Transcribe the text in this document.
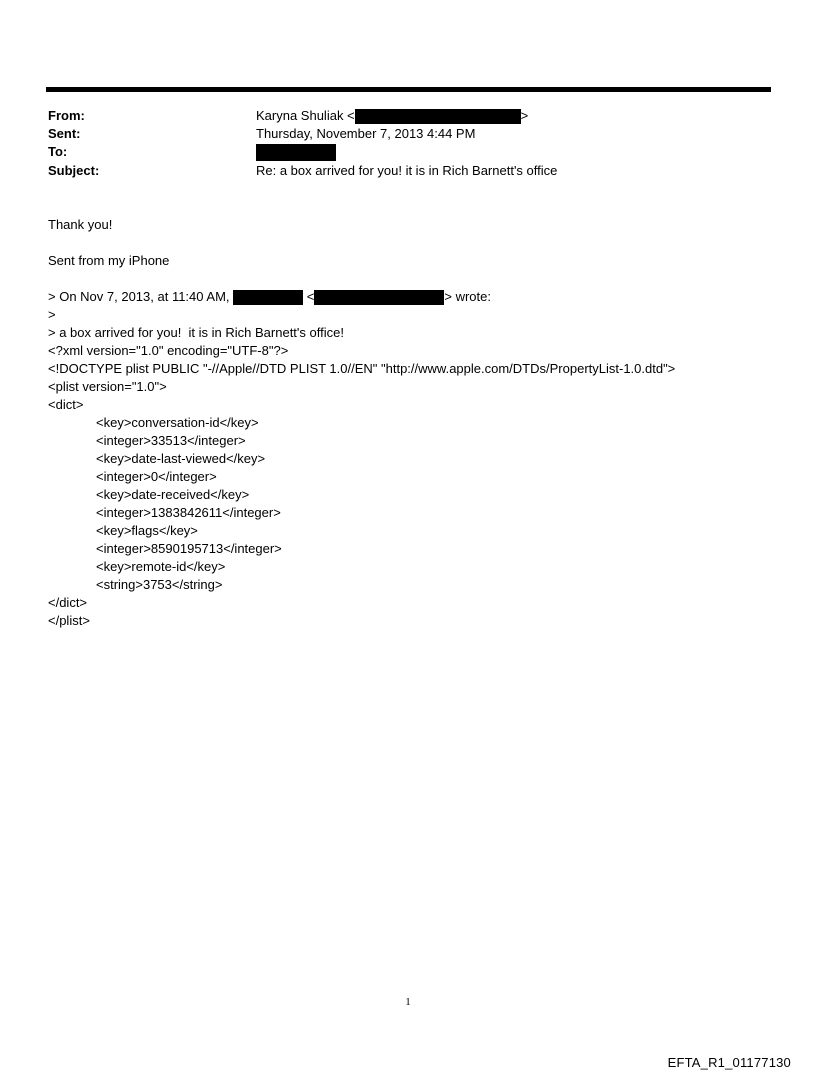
From:	Karyna Shuliak <	>
Sent:	Thursday, November 7, 2013 4:44 PM
To:
Subject:	Re: a box arrived for you! it is in Rich Barnett's office
Thank you!
Sent from my iPhone
> On Nov 7, 2013, at 11:40 AM,	<	> wrote:
>
> a box arrived for you!  it is in Rich Barnett's office!
<?xml version="1.0" encoding="UTF-8"?>
<!DOCTYPE plist PUBLIC "-//Apple//DTD PLIST 1.0//EN" "http://www.apple.com/DTDs/PropertyList-1.0.dtd">
<plist version="1.0">
<dict>
<key>conversation-id</key>
<integer>33513</integer>
<key>date-last-viewed</key>
<integer>0</integer>
<key>date-received</key>
<integer>1383842611</integer>
<key>flags</key>
<integer>8590195713</integer>
<key>remote-id</key>
<string>3753</string>
</dict>
</plist>
1
EFTA_R1_01177130
